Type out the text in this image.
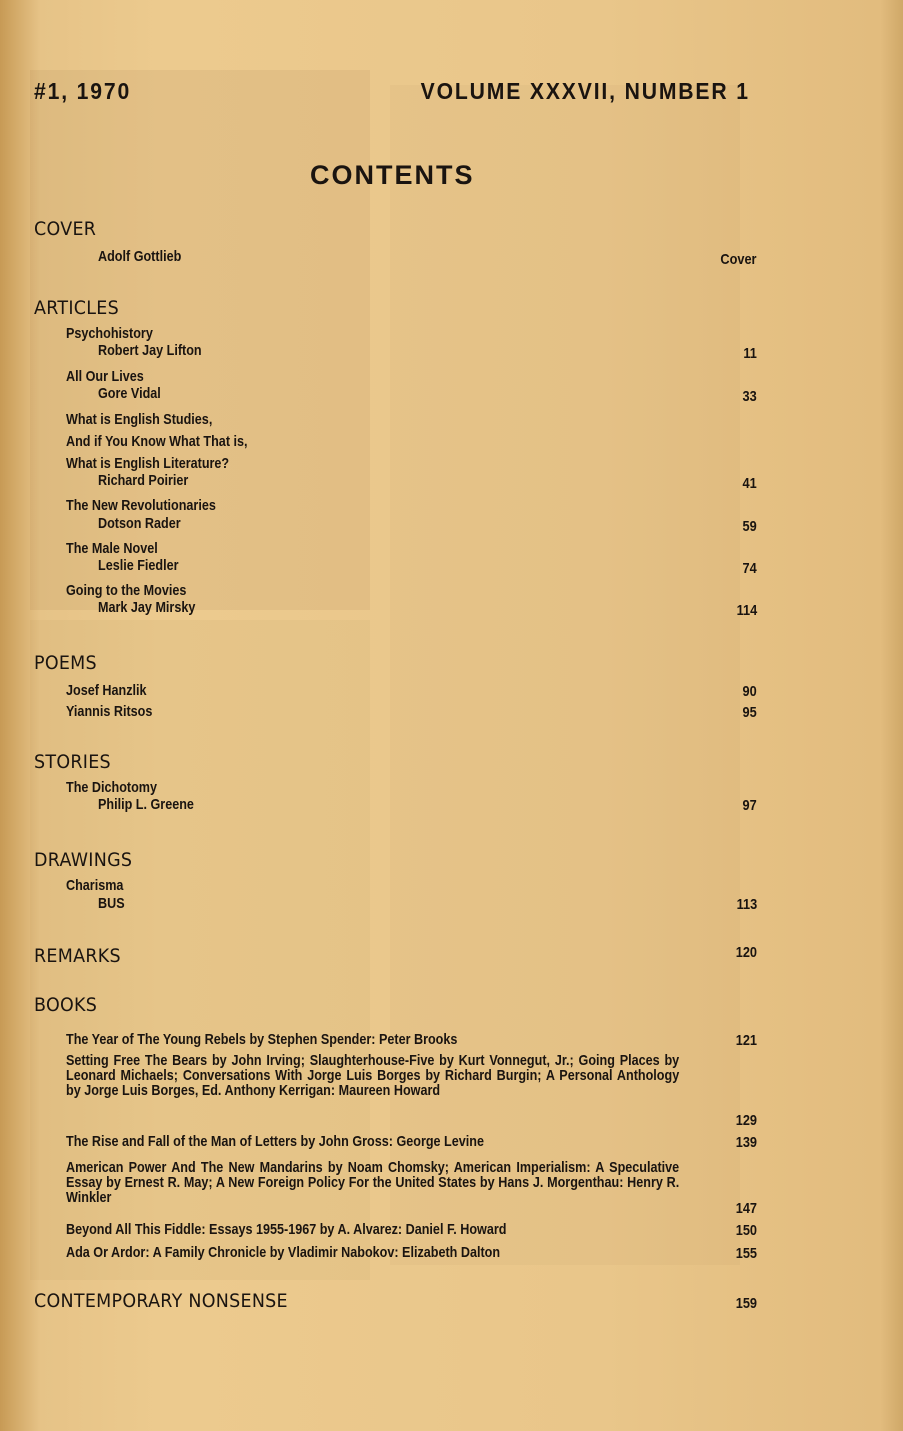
#1, 1970	VOLUME XXXVII, NUMBER 1
CONTENTS
COVER
Adolf Gottlieb	Cover
ARTICLES
Psychohistory
Robert Jay Lifton	11
All Our Lives
Gore Vidal	33
What is English Studies,
And if You Know What That is,
What is English Literature?
Richard Poirier	41
The New Revolutionaries
Dotson Rader	59
The Male Novel
Leslie Fiedler	74
Going to the Movies
Mark Jay Mirsky	114
POEMS
Josef Hanzlik	90
Yiannis Ritsos	95
STORIES
The Dichotomy
Philip L. Greene	97
DRAWINGS
Charisma
BUS	113
REMARKS	120
BOOKS
The Year of The Young Rebels by Stephen Spender: Peter Brooks	121
Setting Free The Bears by John Irving; Slaughterhouse-Five by Kurt Vonnegut, Jr.; Going Places by Leonard Michaels; Conversations With Jorge Luis Borges by Richard Burgin; A Personal Anthology by Jorge Luis Borges, Ed. Anthony Kerrigan: Maureen Howard
129
The Rise and Fall of the Man of Letters by John Gross: George Levine	139
American Power And The New Mandarins by Noam Chomsky; American Imperialism: A Speculative Essay by Ernest R. May; A New Foreign Policy For the United States by Hans J. Morgenthau: Henry R. Winkler
147
Beyond All This Fiddle: Essays 1955-1967 by A. Alvarez: Daniel F. Howard	150
Ada Or Ardor: A Family Chronicle by Vladimir Nabokov: Elizabeth Dalton	155
CONTEMPORARY NONSENSE	159
